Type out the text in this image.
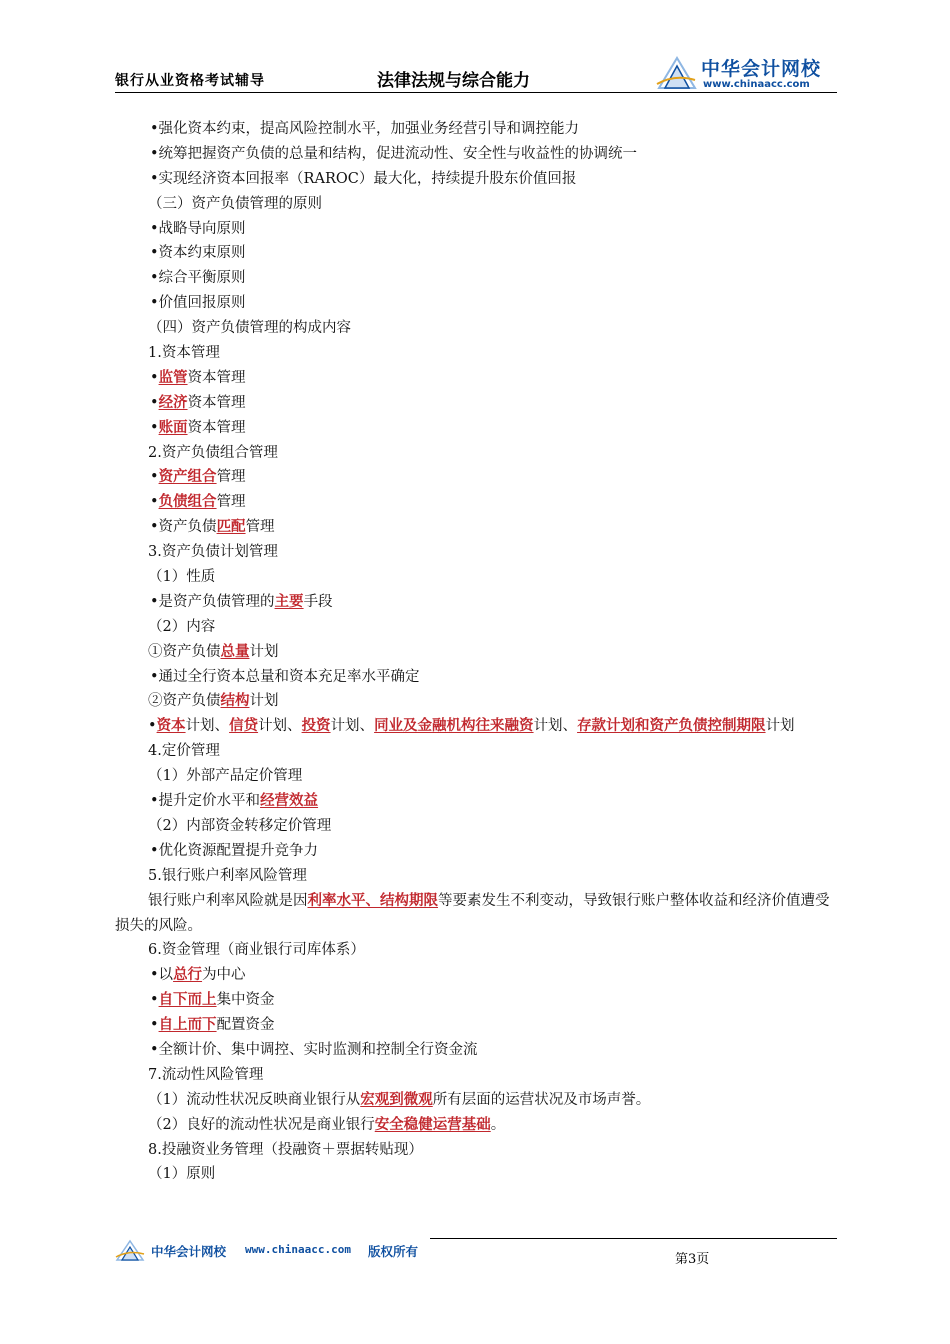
银行从业资格考试辅导	法律法规与综合能力
中华会计网校
www.chinaacc.com
•强化资本约束，提高风险控制水平，加强业务经营引导和调控能力
•统筹把握资产负债的总量和结构，促进流动性、安全性与收益性的协调统一
•实现经济资本回报率（RAROC）最大化，持续提升股东价值回报
（三）资产负债管理的原则
•战略导向原则
•资本约束原则
•综合平衡原则
•价值回报原则
（四）资产负债管理的构成内容
1.资本管理
•监管资本管理
•经济资本管理
•账面资本管理
2.资产负债组合管理
•资产组合管理
•负债组合管理
•资产负债匹配管理
3.资产负债计划管理
（1）性质
•是资产负债管理的主要手段
（2）内容
①资产负债总量计划
•通过全行资本总量和资本充足率水平确定
②资产负债结构计划
•资本计划、信贷计划、投资计划、同业及金融机构往来融资计划、存款计划和资产负债控制期限计划
4.定价管理
（1）外部产品定价管理
•提升定价水平和经营效益
（2）内部资金转移定价管理
•优化资源配置提升竞争力
5.银行账户利率风险管理
银行账户利率风险就是因利率水平、结构期限等要素发生不利变动，导致银行账户整体收益和经济价值遭受损失的风险。
6.资金管理（商业银行司库体系）
•以总行为中心
•自下而上集中资金
•自上而下配置资金
•全额计价、集中调控、实时监测和控制全行资金流
7.流动性风险管理
（1）流动性状况反映商业银行从宏观到微观所有层面的运营状况及市场声誉。
（2）良好的流动性状况是商业银行安全稳健运营基础。
8.投融资业务管理（投融资＋票据转贴现）
（1）原则
中华会计网校 www.chinaacc.com 版权所有
第3页
